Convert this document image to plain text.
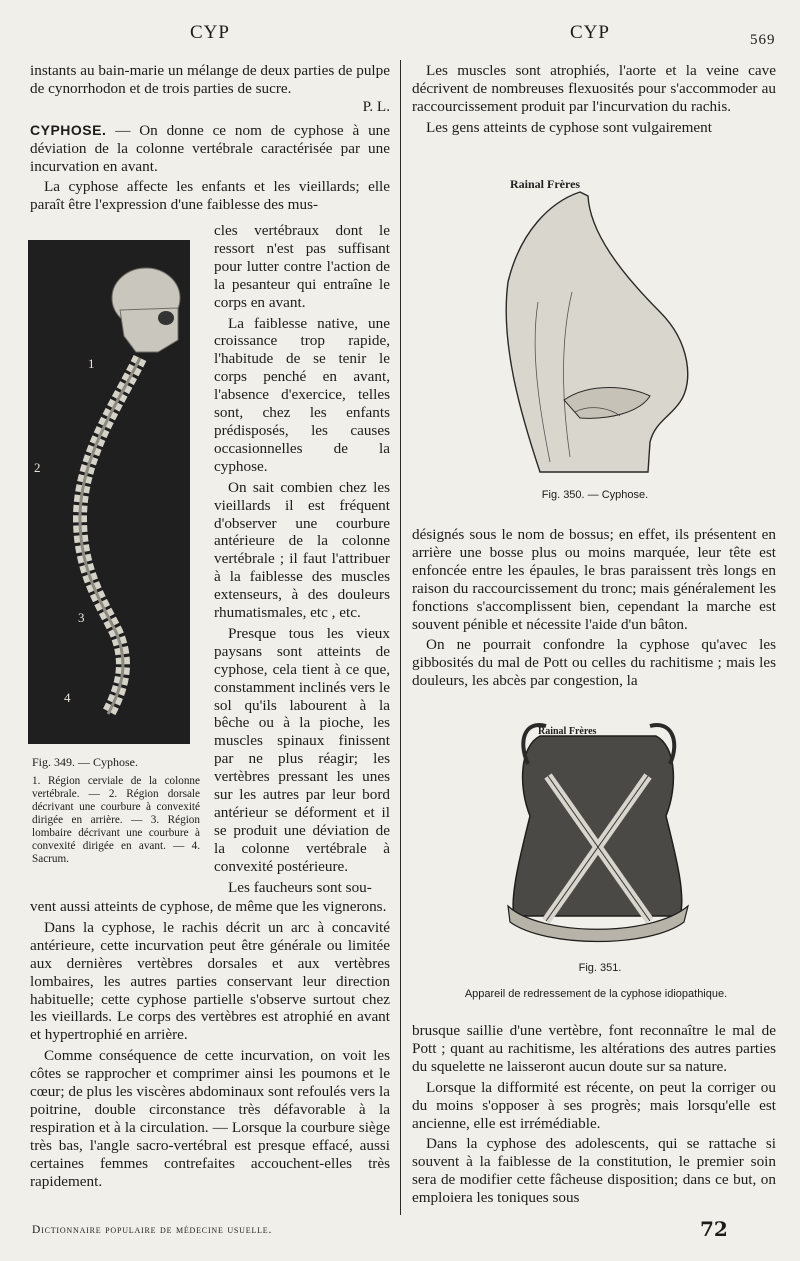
CYP	CYP	569

instants au bain-marie un mélange de deux parties de pulpe de cynorrhodon et de trois parties de sucre.
P. L.

CYPHOSE. — On donne ce nom de cyphose à une déviation de la colonne vertébrale caractérisée par une incurvation en avant.

La cyphose affecte les enfants et les vieillards; elle paraît être l'expression d'une faiblesse des mus-

1
2
3
4

cles vertébraux dont le ressort n'est pas suffisant pour lutter contre l'action de la pesanteur qui entraîne le corps en avant.

La faiblesse native, une croissance trop rapide, l'habitude de se tenir le corps penché en avant, l'absence d'exercice, telles sont, chez les enfants prédisposés, les causes occasionnelles de la cyphose.

On sait combien chez les vieillards il est fréquent d'observer une courbure antérieure de la colonne vertébrale ; il faut l'attribuer à la faiblesse des muscles extenseurs, à des douleurs rhumatismales, etc , etc.

Presque tous les vieux paysans sont atteints de cyphose, cela tient à ce que, constamment inclinés vers le sol qu'ils labourent à la bêche ou à la pioche, les muscles spinaux finissent par ne plus réagir; les vertèbres pressant les unes sur les autres par leur bord antérieur se déforment et il se produit une déviation de la colonne vertébrale à convexité postérieure.

Les faucheurs sont sou-

Fig. 349. — Cyphose.
1. Région cerviale de la colonne vertébrale. — 2. Région dorsale décrivant une courbure à convexité dirigée en arrière. — 3. Région lombaire décrivant une courbure à convexité dirigée en avant. — 4. Sacrum.

vent aussi atteints de cyphose, de même que les vignerons.

Dans la cyphose, le rachis décrit un arc à concavité antérieure, cette incurvation peut être générale ou limitée aux dernières vertèbres dorsales et aux vertèbres lombaires, les autres parties conservant leur direction habituelle; cette cyphose partielle s'observe surtout chez les vieillards. Le corps des vertèbres est atrophié en avant et hypertrophié en arrière.

Comme conséquence de cette incurvation, on voit les côtes se rapprocher et comprimer ainsi les poumons et le cœur; de plus les viscères abdominaux sont refoulés vers la poitrine, double circonstance très défavorable à la respiration et à la circulation. — Lorsque la courbure siège très bas, l'angle sacro-vertébral est presque effacé, aussi certaines femmes contrefaites accouchent-elles très rapidement.

Les muscles sont atrophiés, l'aorte et la veine cave décrivent de nombreuses flexuosités pour s'accommoder au raccourcissement produit par l'incurvation du rachis.

Les gens atteints de cyphose sont vulgairement

Rainal Frères
Fig. 350. — Cyphose.

désignés sous le nom de bossus; en effet, ils présentent en arrière une bosse plus ou moins marquée, leur tête est enfoncée entre les épaules, le bras paraissent très longs en raison du raccourcissement du tronc; mais généralement les fonctions s'accomplissent bien, cependant la marche est souvent pénible et nécessite l'aide d'un bâton.

On ne pourrait confondre la cyphose qu'avec les gibbosités du mal de Pott ou celles du rachitisme ; mais les douleurs, les abcès par congestion, la

Rainal Frères
Fig. 351.
Appareil de redressement de la cyphose idiopathique.

brusque saillie d'une vertèbre, font reconnaître le mal de Pott ; quant au rachitisme, les altérations des autres parties du squelette ne laisseront aucun doute sur sa nature.

Lorsque la difformité est récente, on peut la corriger ou du moins s'opposer à ses progrès; mais lorsqu'elle est ancienne, elle est irrémédiable.

Dans la cyphose des adolescents, qui se rattache si souvent à la faiblesse de la constitution, le premier soin sera de modifier cette fâcheuse disposition; dans ce but, on emploiera les toniques sous

Dictionnaire populaire de médecine usuelle.	72
